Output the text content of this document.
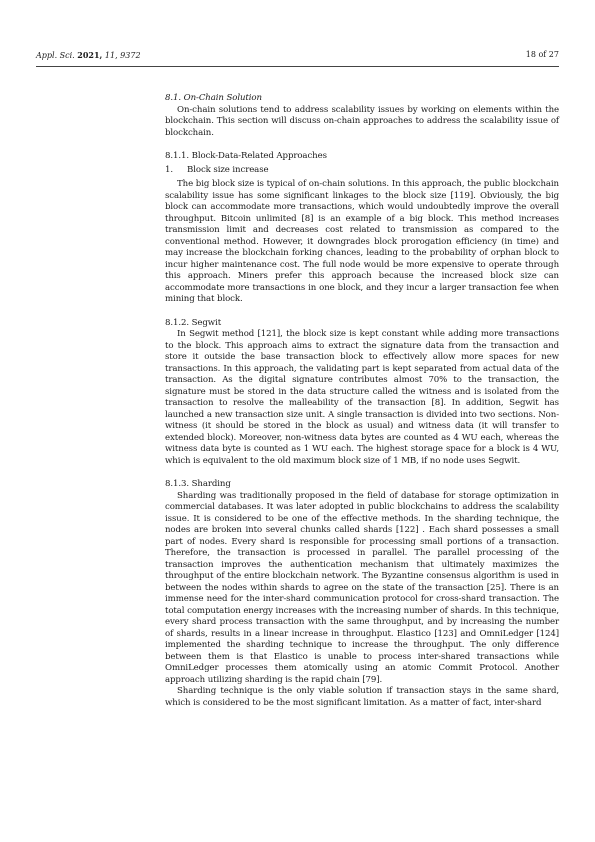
Appl. Sci. 2021, 11, 9372	18 of 27

8.1. On-Chain Solution

On-chain solutions tend to address scalability issues by working on elements within the blockchain. This section will discuss on-chain approaches to address the scalability issue of blockchain.

8.1.1. Block-Data-Related Approaches

1.	Block size increase

The big block size is typical of on-chain solutions. In this approach, the public blockchain scalability issue has some significant linkages to the block size [119]. Obviously, the big block can accommodate more transactions, which would undoubtedly improve the overall throughput. Bitcoin unlimited [8] is an example of a big block. This method increases transmission limit and decreases cost related to transmission as compared to the conventional method. However, it downgrades block prorogation efficiency (in time) and may increase the blockchain forking chances, leading to the probability of orphan block to incur higher maintenance cost. The full node would be more expensive to operate through this approach. Miners prefer this approach because the increased block size can accommodate more transactions in one block, and they incur a larger transaction fee when mining that block.

8.1.2. Segwit

In Segwit method [121], the block size is kept constant while adding more transactions to the block. This approach aims to extract the signature data from the transaction and store it outside the base transaction block to effectively allow more spaces for new transactions. In this approach, the validating part is kept separated from actual data of the transaction. As the digital signature contributes almost 70% to the transaction, the signature must be stored in the data structure called the witness and is isolated from the transaction to resolve the malleability of the transaction [8]. In addition, Segwit has launched a new transaction size unit. A single transaction is divided into two sections. Non-witness (it should be stored in the block as usual) and witness data (it will transfer to extended block). Moreover, non-witness data bytes are counted as 4 WU each, whereas the witness data byte is counted as 1 WU each. The highest storage space for a block is 4 WU, which is equivalent to the old maximum block size of 1 MB, if no node uses Segwit.

8.1.3. Sharding

Sharding was traditionally proposed in the field of database for storage optimization in commercial databases. It was later adopted in public blockchains to address the scalability issue. It is considered to be one of the effective methods. In the sharding technique, the nodes are broken into several chunks called shards [122] . Each shard possesses a small part of nodes. Every shard is responsible for processing small portions of a transaction. Therefore, the transaction is processed in parallel. The parallel processing of the transaction improves the authentication mechanism that ultimately maximizes the throughput of the entire blockchain network. The Byzantine consensus algorithm is used in between the nodes within shards to agree on the state of the transaction [25]. There is an immense need for the inter-shard communication protocol for cross-shard transaction. The total computation energy increases with the increasing number of shards. In this technique, every shard process transaction with the same throughput, and by increasing the number of shards, results in a linear increase in throughput. Elastico [123] and OmniLedger [124] implemented the sharding technique to increase the throughput. The only difference between them is that Elastico is unable to process inter-shared transactions while OmniLedger processes them atomically using an atomic Commit Protocol. Another approach utilizing sharding is the rapid chain [79].

Sharding technique is the only viable solution if transaction stays in the same shard, which is considered to be the most significant limitation. As a matter of fact, inter-shard
